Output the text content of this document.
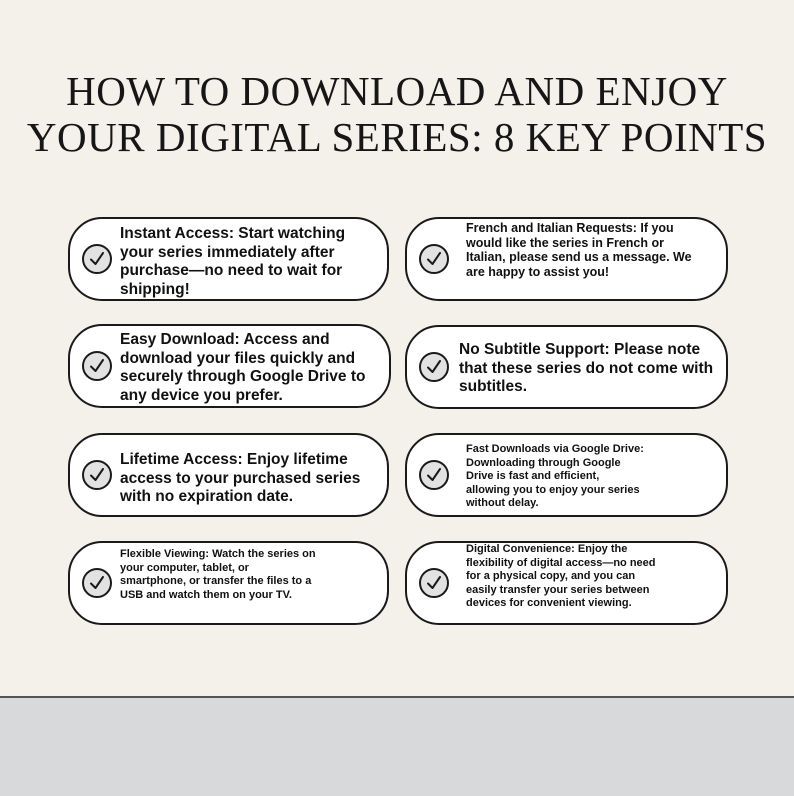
HOW TO DOWNLOAD AND ENJOY
YOUR DIGITAL SERIES: 8 KEY POINTS

Instant Access: Start watching your series immediately after purchase—no need to wait for shipping!

French and Italian Requests: If you would like the series in French or Italian, please send us a message. We are happy to assist you!

Easy Download: Access and download your files quickly and securely through Google Drive to any device you prefer.

No Subtitle Support: Please note that these series do not come with subtitles.

Lifetime Access: Enjoy lifetime access to your purchased series with no expiration date.

Fast Downloads via Google Drive: Downloading through Google Drive is fast and efficient, allowing you to enjoy your series without delay.

Flexible Viewing: Watch the series on your computer, tablet, or smartphone, or transfer the files to a USB and watch them on your TV.

Digital Convenience: Enjoy the flexibility of digital access—no need for a physical copy, and you can easily transfer your series between devices for convenient viewing.
